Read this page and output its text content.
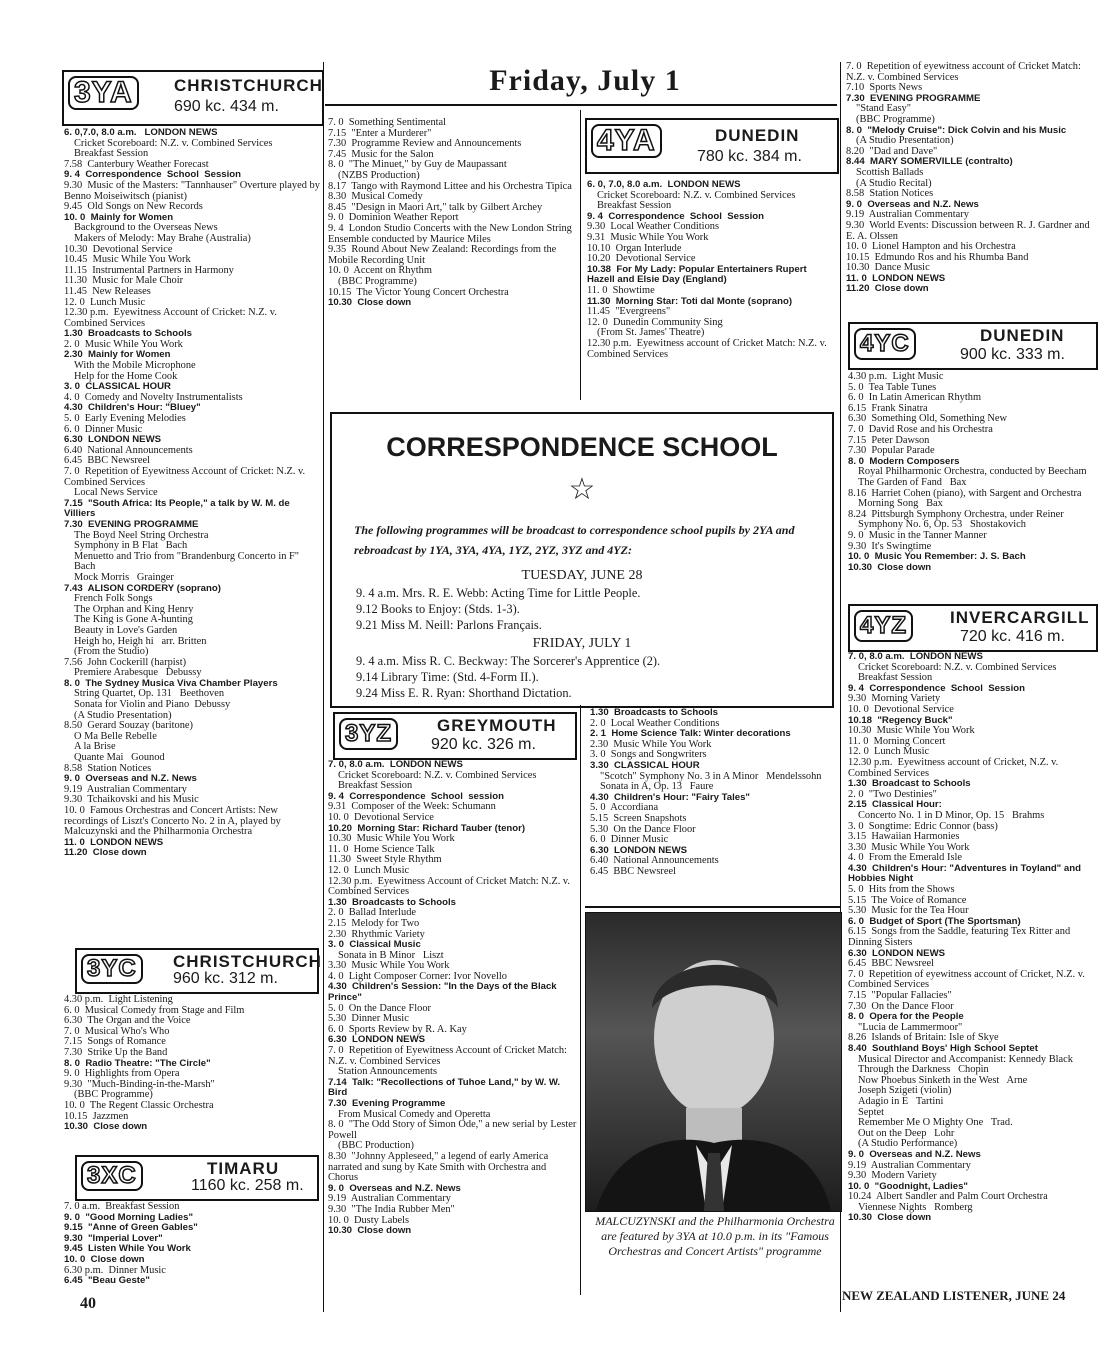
Friday, July 1
3YA	CHRISTCHURCH
690 kc. 434 m.
6. 0,7.0, 8.0 a.m.   LONDON NEWS
Cricket Scoreboard: N.Z. v. Combined Services
Breakfast Session
7.58  Canterbury Weather Forecast
9. 4  Correspondence  School  Session
9.30  Music of the Masters: "Tannhauser" Overture played by Benno Moiseiwitsch (pianist)
9.45  Old Songs on New Records
10. 0  Mainly for Women
Background to the Overseas News
Makers of Melody: May Brahe (Australia)
10.30  Devotional Service
10.45  Music While You Work
11.15  Instrumental Partners in Harmony
11.30  Music for Male Choir
11.45  New Releases
12. 0  Lunch Music
12.30 p.m.  Eyewitness Account of Cricket: N.Z. v. Combined Services
1.30  Broadcasts to Schools
2. 0  Music While You Work
2.30  Mainly for Women
With the Mobile Microphone
Help for the Home Cook
3. 0  CLASSICAL HOUR
4. 0  Comedy and Novelty Instrumentalists
4.30  Children's Hour: "Bluey"
5. 0  Early Evening Melodies
6. 0  Dinner Music
6.30  LONDON NEWS
6.40  National Announcements
6.45  BBC Newsreel
7. 0  Repetition of Eyewitness Account of Cricket: N.Z. v. Combined Services
Local News Service
7.15  "South Africa: Its People," a talk by W. M. de Villiers
7.30  EVENING PROGRAMME
The Boyd Neel String Orchestra
Symphony in B Flat   Bach
Menuetto and Trio from "Brandenburg Concerto in F"   Bach
Mock Morris   Grainger
7.43  ALISON CORDERY (soprano)
French Folk Songs
The Orphan and King Henry
The King is Gone A-hunting
Beauty in Love's Garden
Heigh ho, Heigh hi   arr. Britten
(From the Studio)
7.56  John Cockerill (harpist)
Premiere Arabesque   Debussy
8. 0  The Sydney Musica Viva Chamber Players
String Quartet, Op. 131   Beethoven
Sonata for Violin and Piano  Debussy
(A Studio Presentation)
8.50  Gerard Souzay (baritone)
O Ma Belle Rebelle
A la Brise
Quante Mai   Gounod
8.58  Station Notices
9. 0  Overseas and N.Z. News
9.19  Australian Commentary
9.30  Tchaikovski and his Music
10. 0  Famous Orchestras and Concert Artists: New recordings of Liszt's Concerto No. 2 in A, played by Malcuzynski and the Philharmonia Orchestra
11. 0  LONDON NEWS
11.20  Close down
3YC	CHRISTCHURCH
960 kc. 312 m.
4.30 p.m.  Light Listening
6. 0  Musical Comedy from Stage and Film
6.30  The Organ and the Voice
7. 0  Musical Who's Who
7.15  Songs of Romance
7.30  Strike Up the Band
8. 0  Radio Theatre: "The Circle"
9. 0  Highlights from Opera
9.30  "Much-Binding-in-the-Marsh"
(BBC Programme)
10. 0  The Regent Classic Orchestra
10.15  Jazzmen
10.30  Close down
3XC	TIMARU
1160 kc. 258 m.
7. 0 a.m.  Breakfast Session
9. 0  "Good Morning Ladies"
9.15  "Anne of Green Gables"
9.30  "Imperial Lover"
9.45  Listen While You Work
10. 0  Close down
6.30 p.m.  Dinner Music
6.45  "Beau Geste"
40
7. 0  Something Sentimental
7.15  "Enter a Murderer"
7.30  Programme Review and Announcements
7.45  Music for the Salon
8. 0  "The Minuet," by Guy de Maupassant
(NZBS Production)
8.17  Tango with Raymond Littee and his Orchestra Tipica
8.30  Musical Comedy
8.45  "Design in Maori Art," talk by Gilbert Archey
9. 0  Dominion Weather Report
9. 4  London Studio Concerts with the New London String Ensemble conducted by Maurice Miles
9.35  Round About New Zealand: Recordings from the Mobile Recording Unit
10. 0  Accent on Rhythm
(BBC Programme)
10.15  The Victor Young Concert Orchestra
10.30  Close down
4YA	DUNEDIN
780 kc. 384 m.
6. 0, 7.0, 8.0 a.m.  LONDON NEWS
Cricket Scoreboard: N.Z. v. Combined Services
Breakfast Session
9. 4  Correspondence  School  Session
9.30  Local Weather Conditions
9.31  Music While You Work
10.10  Organ Interlude
10.20  Devotional Service
10.38  For My Lady: Popular Entertainers Rupert Hazell and Elsie Day (England)
11. 0  Showtime
11.30  Morning Star: Toti dal Monte (soprano)
11.45  "Evergreens"
12. 0  Dunedin Community Sing
(From St. James' Theatre)
12.30 p.m.  Eyewitness account of Cricket Match: N.Z. v. Combined Services
CORRESPONDENCE SCHOOL
☆
The following programmes will be broadcast to correspondence school pupils by 2YA and rebroadcast by 1YA, 3YA, 4YA, 1YZ, 2YZ, 3YZ and 4YZ:
TUESDAY, JUNE 28
9. 4 a.m. Mrs. R. E. Webb: Acting Time for Little People.
9.12 Books to Enjoy: (Stds. 1-3).
9.21 Miss M. Neill: Parlons Français.
FRIDAY, JULY 1
9. 4 a.m. Miss R. C. Beckway: The Sorcerer's Apprentice (2).
9.14 Library Time: (Std. 4-Form II.).
9.24 Miss E. R. Ryan: Shorthand Dictation.
3YZ	GREYMOUTH
920 kc. 326 m.
7. 0, 8.0 a.m.  LONDON NEWS
Cricket Scoreboard: N.Z. v. Combined Services
Breakfast Session
9. 4  Correspondence  School  session
9.31  Composer of the Week: Schumann
10. 0  Devotional Service
10.20  Morning Star: Richard Tauber (tenor)
10.30  Music While You Work
11. 0  Home Science Talk
11.30  Sweet Style Rhythm
12. 0  Lunch Music
12.30 p.m.  Eyewitness Account of Cricket Match: N.Z. v. Combined Services
1.30  Broadcasts to Schools
2. 0  Ballad Interlude
2.15  Melody for Two
2.30  Rhythmic Variety
3. 0  Classical Music
Sonata in B Minor   Liszt
3.30  Music While You Work
4. 0  Light Composer Corner: Ivor Novello
4.30  Children's Session: "In the Days of the Black Prince"
5. 0  On the Dance Floor
5.30  Dinner Music
6. 0  Sports Review by R. A. Kay
6.30  LONDON NEWS
7. 0  Repetition of Eyewitness Account of Cricket Match: N.Z. v. Combined Services
Station Announcements
7.14  Talk: "Recollections of Tuhoe Land," by W. W. Bird
7.30  Evening Programme
From Musical Comedy and Operetta
8. 0  "The Odd Story of Simon Ode," a new serial by Lester Powell
(BBC Production)
8.30  "Johnny Appleseed," a legend of early America narrated and sung by Kate Smith with Orchestra and Chorus
9. 0  Overseas and N.Z. News
9.19  Australian Commentary
9.30  "The India Rubber Men"
10. 0  Dusty Labels
10.30  Close down
1.30  Broadcasts to Schools
2. 0  Local Weather Conditions
2. 1  Home Science Talk: Winter decorations
2.30  Music While You Work
3. 0  Songs and Songwriters
3.30  CLASSICAL HOUR
"Scotch" Symphony No. 3 in A Minor   Mendelssohn
Sonata in A, Op. 13   Faure
4.30  Children's Hour: "Fairy Tales"
5. 0  Accordiana
5.15  Screen Snapshots
5.30  On the Dance Floor
6. 0  Dinner Music
6.30  LONDON NEWS
6.40  National Announcements
6.45  BBC Newsreel
MALCUZYNSKI and the Philharmonia Orchestra are featured by 3YA at 10.0 p.m. in its "Famous Orchestras and Concert Artists" programme
7. 0  Repetition of eyewitness account of Cricket Match: N.Z. v. Combined Services
7.10  Sports News
7.30  EVENING PROGRAMME
"Stand Easy"
(BBC Programme)
8. 0  "Melody Cruise": Dick Colvin and his Music
(A Studio Presentation)
8.20  "Dad and Dave"
8.44  MARY SOMERVILLE (contralto)
Scottish Ballads
(A Studio Recital)
8.58  Station Notices
9. 0  Overseas and N.Z. News
9.19  Australian Commentary
9.30  World Events: Discussion between R. J. Gardner and E. A. Olssen
10. 0  Lionel Hampton and his Orchestra
10.15  Edmundo Ros and his Rhumba Band
10.30  Dance Music
11. 0  LONDON NEWS
11.20  Close down
4YC	DUNEDIN
900 kc. 333 m.
4.30 p.m.  Light Music
5. 0  Tea Table Tunes
6. 0  In Latin American Rhythm
6.15  Frank Sinatra
6.30  Something Old, Something New
7. 0  David Rose and his Orchestra
7.15  Peter Dawson
7.30  Popular Parade
8. 0  Modern Composers
Royal Philharmonic Orchestra, conducted by Beecham
The Garden of Fand   Bax
8.16  Harriet Cohen (piano), with Sargent and Orchestra
Morning Song   Bax
8.24  Pittsburgh Symphony Orchestra, under Reiner
Symphony No. 6, Op. 53   Shostakovich
9. 0  Music in the Tanner Manner
9.30  It's Swingtime
10. 0  Music You Remember: J. S. Bach
10.30  Close down
4YZ	INVERCARGILL
720 kc. 416 m.
7. 0, 8.0 a.m.  LONDON NEWS
Cricket Scoreboard: N.Z. v. Combined Services
Breakfast Session
9. 4  Correspondence  School  Session
9.30  Morning Variety
10. 0  Devotional Service
10.18  "Regency Buck"
10.30  Music While You Work
11. 0  Morning Concert
12. 0  Lunch Music
12.30 p.m.  Eyewitness account of Cricket, N.Z. v. Combined Services
1.30  Broadcast to Schools
2. 0  "Two Destinies"
2.15  Classical Hour:
Concerto No. 1 in D Minor, Op. 15   Brahms
3. 0  Songtime: Edric Connor (bass)
3.15  Hawaiian Harmonies
3.30  Music While You Work
4. 0  From the Emerald Isle
4.30  Children's Hour: "Adventures in Toyland" and Hobbies Night
5. 0  Hits from the Shows
5.15  The Voice of Romance
5.30  Music for the Tea Hour
6. 0  Budget of Sport (The Sportsman)
6.15  Songs from the Saddle, featuring Tex Ritter and Dinning Sisters
6.30  LONDON NEWS
6.45  BBC Newsreel
7. 0  Repetition of eyewitness account of Cricket, N.Z. v. Combined Services
7.15  "Popular Fallacies"
7.30  On the Dance Floor
8. 0  Opera for the People
"Lucia de Lammermoor"
8.26  Islands of Britain: Isle of Skye
8.40  Southland Boys' High School Septet
Musical Director and Accompanist: Kennedy Black
Through the Darkness   Chopin
Now Phoebus Sinketh in the West   Arne
Joseph Szigeti (violin)
Adagio in E   Tartini
Septet
Remember Me O Mighty One   Trad.
Out on the Deep   Lohr
(A Studio Performance)
9. 0  Overseas and N.Z. News
9.19  Australian Commentary
9.30  Modern Variety
10. 0  "Goodnight, Ladies"
10.24  Albert Sandler and Palm Court Orchestra
Viennese Nights   Romberg
10.30  Close down
NEW ZEALAND LISTENER, JUNE 24
